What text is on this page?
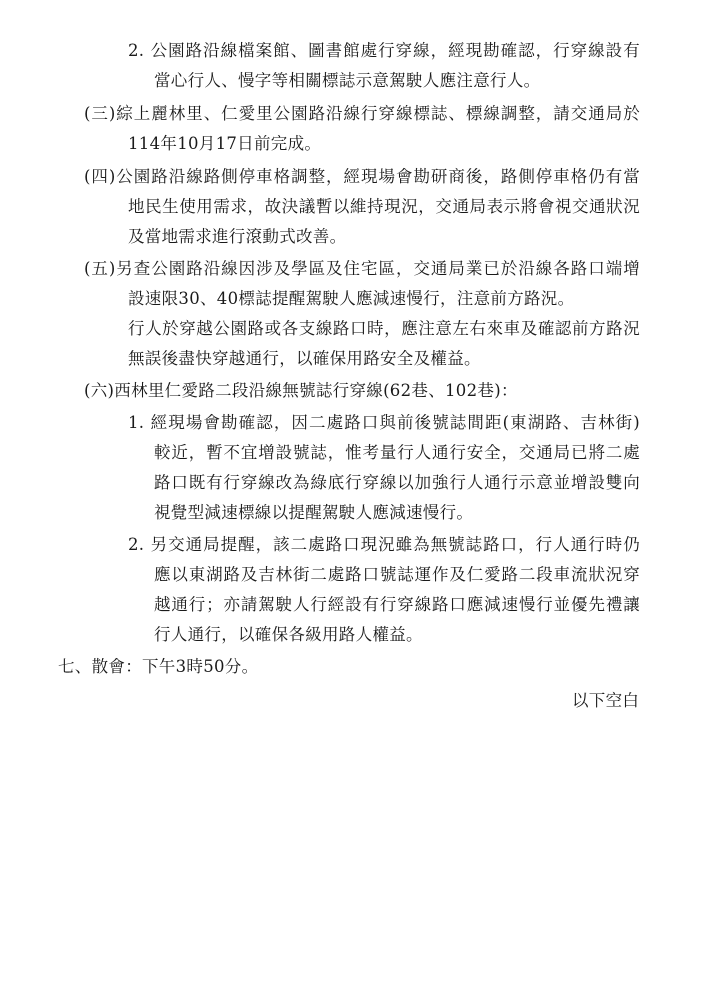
2. 公園路沿線檔案館、圖書館處行穿線，經現勘確認，行穿線設有
當心行人、慢字等相關標誌示意駕駛人應注意行人。
(三)綜上麗林里、仁愛里公園路沿線行穿線標誌、標線調整，請交通局於
114年10月17日前完成。
(四)公園路沿線路側停車格調整，經現場會勘研商後，路側停車格仍有當
地民生使用需求，故決議暫以維持現況，交通局表示將會視交通狀況
及當地需求進行滾動式改善。
(五)另查公園路沿線因涉及學區及住宅區，交通局業已於沿線各路口端增
設速限30、40標誌提醒駕駛人應減速慢行，注意前方路況。
行人於穿越公園路或各支線路口時，應注意左右來車及確認前方路況
無誤後盡快穿越通行，以確保用路安全及權益。
(六)西林里仁愛路二段沿線無號誌行穿線(62巷、102巷)：
1. 經現場會勘確認，因二處路口與前後號誌間距(東湖路、吉林街)
較近，暫不宜增設號誌，惟考量行人通行安全，交通局已將二處
路口既有行穿線改為綠底行穿線以加強行人通行示意並增設雙向
視覺型減速標線以提醒駕駛人應減速慢行。
2. 另交通局提醒，該二處路口現況雖為無號誌路口，行人通行時仍
應以東湖路及吉林街二處路口號誌運作及仁愛路二段車流狀況穿
越通行；亦請駕駛人行經設有行穿線路口應減速慢行並優先禮讓
行人通行，以確保各級用路人權益。
七、散會：下午3時50分。
以下空白
